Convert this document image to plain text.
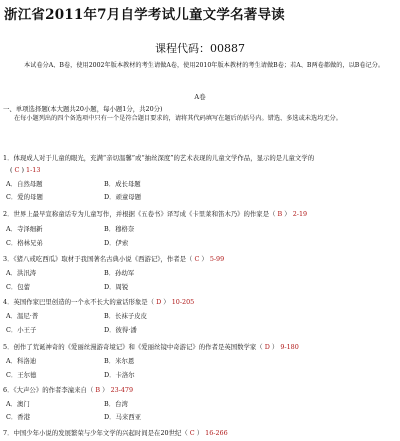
浙江省2011年7月自学考试儿童文学名著导读
课程代码：00887
本试卷分A、B卷，使用2002年版本教材的考生请做A卷，使用2010年版本教材的考生请做B卷；若A、B两卷都做的，以B卷记分。
A卷
一、单项选择题(本大题共20小题，每小题1分，共20分)
在每小题列出的四个备选项中只有一个是符合题目要求的，请将其代码填写在题后的括号内。错选、多选或未选均无分。
1．体现成人对于儿童的眼光，充满“亲切温馨”或“抽丝深度”的艺术表现的儿童文学作品，显示的是儿童文学的
( C ) 1-13
A．自然母题	B．成长母题
C．爱的母题	D．顽童母题
2．世界上最早宣称童话专为儿童写作，并根据《五卷书》译写成《卡里莱和笛木乃》的作家是（ B ） 2-19
A．寺泽细新	B．穆格奈
C．格林兄弟	D．伊索
3．《猪八戒吃西瓜》取材于我国著名古典小说《西游记》，作者是（ C ） 5-99
A．洪汛涛	B．孙幼军
C．包蕾	D．周锐
4．英国作家巴里创造的一个永不长大的童话形象是（ D ） 10-205
A．温尼·普	B．长袜子皮皮
C．小王子	D．彼得·潘
5．创作了荒诞神奇的《爱丽丝漫游奇境记》和《爱丽丝镜中奇游记》的作者是英国数学家（ D ） 9-180
A．科洛迪	B．米尔恩
C．王尔德	D．卡洛尔
6．《大声公》的作者李潼来自（ B ） 23-479
A．澳门	B．台湾
C．香港	D．马来西亚
7．中国少年小说的发展繁荣与少年文学的兴起时间是在20世纪（ C ） 16-266
